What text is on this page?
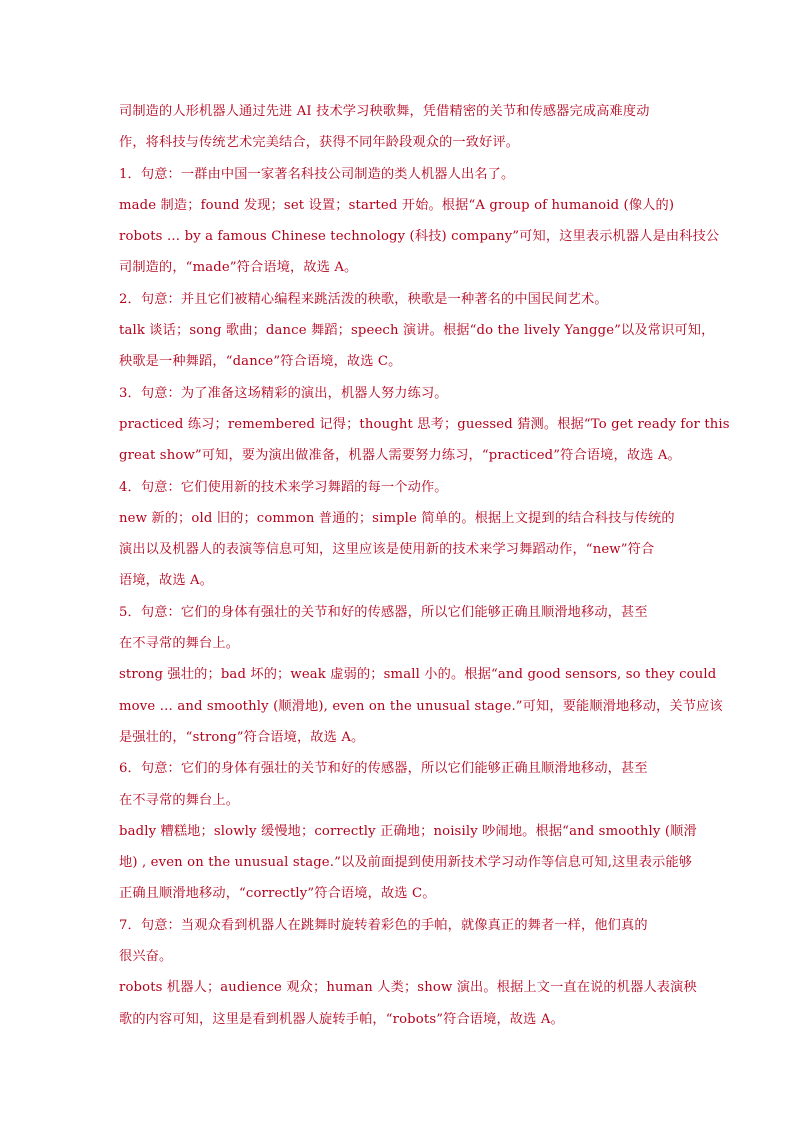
司制造的人形机器人通过先进 AI 技术学习秧歌舞，凭借精密的关节和传感器完成高难度动
作，将科技与传统艺术完美结合，获得不同年龄段观众的一致好评。
1．句意：一群由中国一家著名科技公司制造的类人机器人出名了。
made 制造；found 发现；set 设置；started 开始。根据“A group of humanoid (像人的)
robots … by a famous Chinese technology (科技) company”可知，这里表示机器人是由科技公
司制造的，“made”符合语境，故选 A。
2．句意：并且它们被精心编程来跳活泼的秧歌，秧歌是一种著名的中国民间艺术。
talk 谈话；song 歌曲；dance 舞蹈；speech 演讲。根据“do the lively Yangge”以及常识可知，
秧歌是一种舞蹈，“dance”符合语境，故选 C。
3．句意：为了准备这场精彩的演出，机器人努力练习。
practiced 练习；remembered 记得；thought 思考；guessed 猜测。根据“To get ready for this
great show”可知，要为演出做准备，机器人需要努力练习，“practiced”符合语境，故选 A。
4．句意：它们使用新的技术来学习舞蹈的每一个动作。
new 新的；old 旧的；common 普通的；simple 简单的。根据上文提到的结合科技与传统的
演出以及机器人的表演等信息可知，这里应该是使用新的技术来学习舞蹈动作，“new”符合
语境，故选 A。
5．句意：它们的身体有强壮的关节和好的传感器，所以它们能够正确且顺滑地移动，甚至
在不寻常的舞台上。
strong 强壮的；bad 坏的；weak 虚弱的；small 小的。根据“and good sensors, so they could
move … and smoothly (顺滑地), even on the unusual stage.”可知，要能顺滑地移动，关节应该
是强壮的，“strong”符合语境，故选 A。
6．句意：它们的身体有强壮的关节和好的传感器，所以它们能够正确且顺滑地移动，甚至
在不寻常的舞台上。
badly 糟糕地；slowly 缓慢地；correctly 正确地；noisily 吵闹地。根据“and smoothly (顺滑
地) , even on the unusual stage.”以及前面提到使用新技术学习动作等信息可知,这里表示能够
正确且顺滑地移动，“correctly”符合语境，故选 C。
7．句意：当观众看到机器人在跳舞时旋转着彩色的手帕，就像真正的舞者一样，他们真的
很兴奋。
robots 机器人；audience 观众；human 人类；show 演出。根据上文一直在说的机器人表演秧
歌的内容可知，这里是看到机器人旋转手帕，“robots”符合语境，故选 A。
